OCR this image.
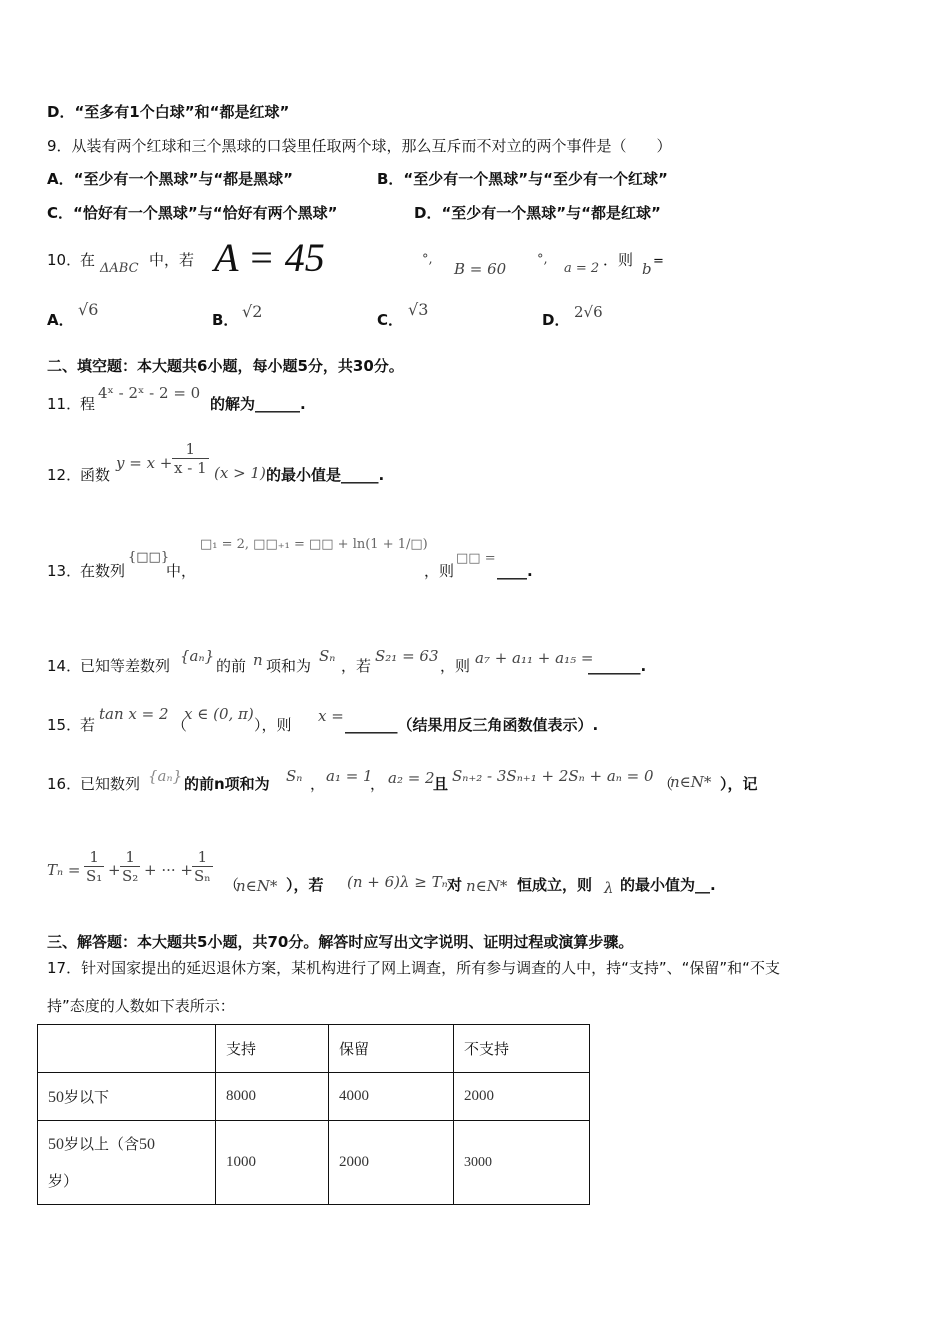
D．“至多有1个白球”和“都是红球”
9．从装有两个红球和三个黑球的口袋里任取两个球，那么互斥而不对立的两个事件是（　　）
A．“至少有一个黑球”与“都是黑球”	B．“至少有一个黑球”与“至少有一个红球”
C．“恰好有一个黑球”与“恰好有两个黑球”	D．“至少有一个黑球”与“都是红球”
10．
在 ΔABC 中，若 A = 45	°,
B = 60
°,
a = 2 ．则 b =
A．
√6
B． √2	C．
√3
D． 2√6
二、填空题：本大题共6小题，每小题5分，共30分。
11．
程
4ˣ - 2ˣ - 2 = 0
的解为______.
12．
函数
$y = x + \frac{1}{x - 1} (x > 1)$ 的最小值是_____.
13．
在数列
{□□}
中，
□₁ = 2, □□₊₁ = □□ + ln(1 + 1/□)
，则
□□ =
____.
14．
已知等差数列
{aₙ}
的前 n 项和为
Sₙ
，若
S₂₁ = 63
，则 a₇ + a₁₁ + a₁₅ =
_______.
15．
若
tan x = 2
（
x ∈ (0, π)
），则 x = _______（结果用反三角函数值表示）.
16．
已知数列 {aₙ} 的前n项和为 Sₙ ， a₁ = 1
， a₂ = 2
且 Sₙ₊₂ - 3Sₙ₊₁ + 2Sₙ + aₙ = 0 （
n∈N* ），记
$T_n = \frac{1}{\text{S₁}} + \frac{1}{\text{S₂}}$ + ··· + $\frac{1}{\text{Sₙ}}$ （
n∈N* ），若 (n + 6)λ ≥ Tₙ 对 n∈N* 恒成立，则 λ 的最小值为__.
三、解答题：本大题共5小题，共70分。解答时应写出文字说明、证明过程或演算步骤。
17．针对国家提出的延迟退休方案，某机构进行了网上调查，所有参与调查的人中，持“支持”、“保留”和“不支
持”态度的人数如下表所示：
	支持	保留	不支持
50岁以下	8000	4000	2000
50岁以上（含50
岁）	1000	2000	3000
